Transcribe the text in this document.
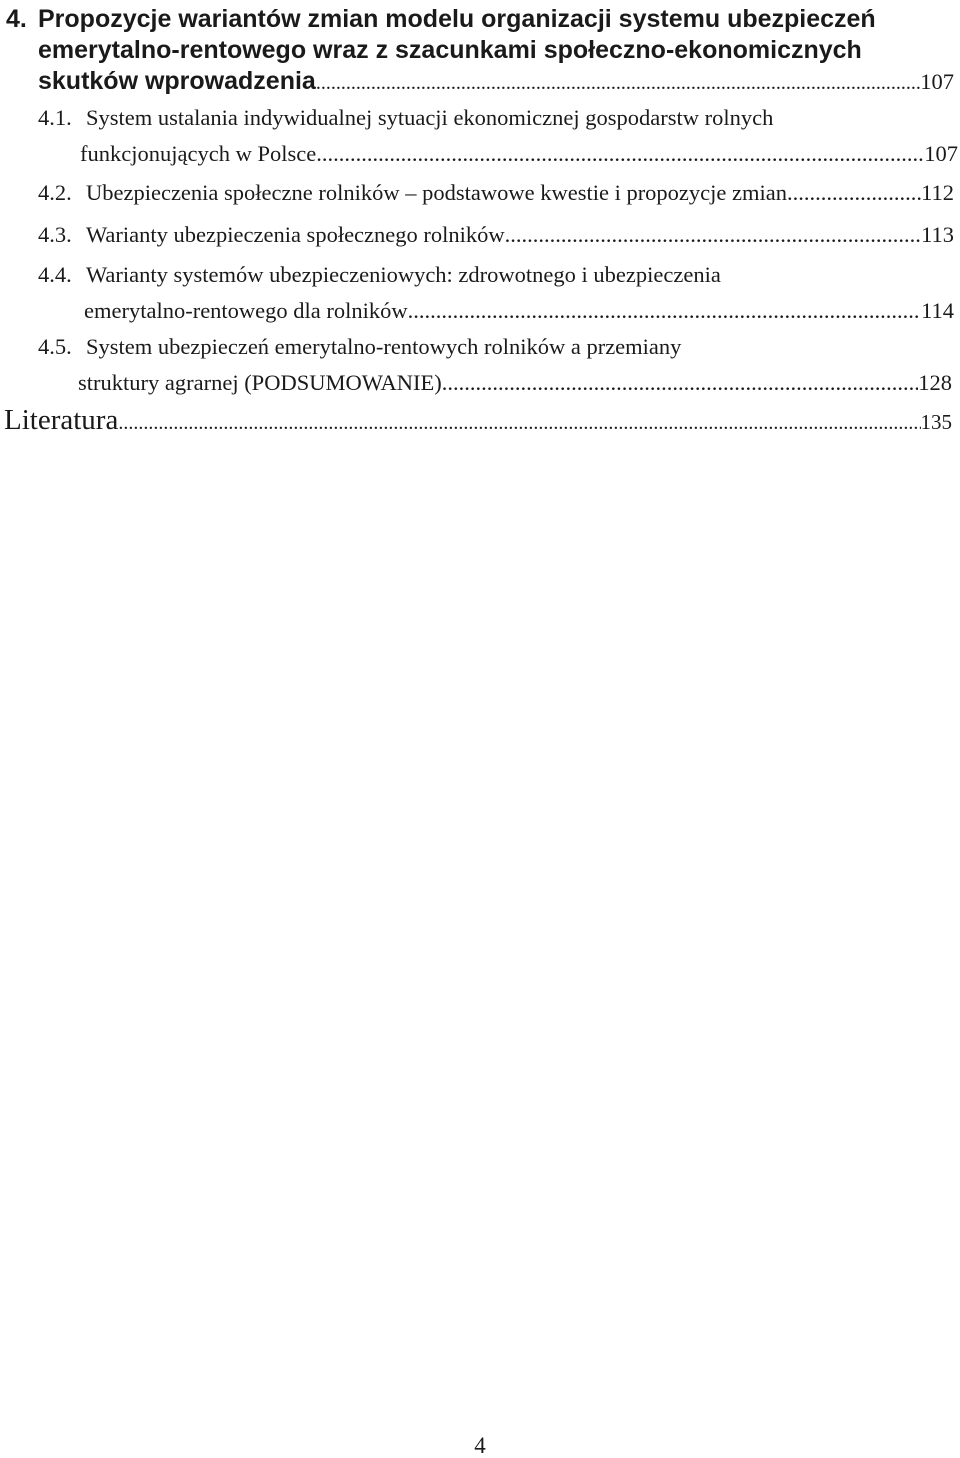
4. Propozycje wariantów zmian modelu organizacji systemu ubezpieczeń
emerytalno-rentowego wraz z szacunkami społeczno-ekonomicznych
skutków wprowadzenia .....	107
4.1. System ustalania indywidualnej sytuacji ekonomicznej gospodarstw rolnych
funkcjonujących w Polsce .....	107
4.2. Ubezpieczenia społeczne rolników – podstawowe kwestie i propozycje zmian .....	112
4.3. Warianty ubezpieczenia społecznego rolników .....	113
4.4. Warianty systemów ubezpieczeniowych: zdrowotnego i ubezpieczenia
emerytalno-rentowego dla rolników .....	114
4.5. System ubezpieczeń emerytalno-rentowych rolników a przemiany
struktury agrarnej (PODSUMOWANIE) .....	128
Literatura .....	135
4
